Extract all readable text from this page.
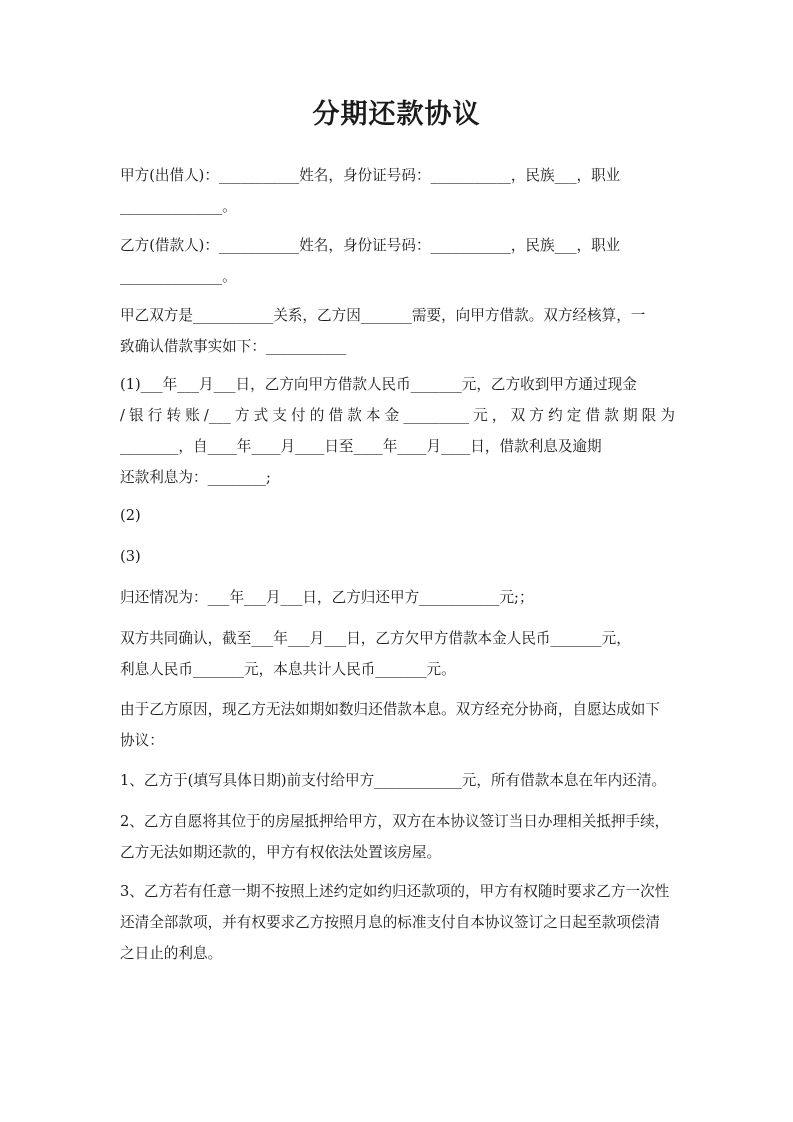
分期还款协议
甲方(出借人)：___________姓名，身份证号码：___________，民族___，职业
______________。
乙方(借款人)：___________姓名，身份证号码：___________，民族___，职业
______________。
甲乙双方是___________关系，乙方因_______需要，向甲方借款。双方经核算，一
致确认借款事实如下：___________
(1)___年___月___日，乙方向甲方借款人民币_______元，乙方收到甲方通过现金
/银行转账/___方式支付的借款本金_________元，双方约定借款期限为
________，自____年____月____日至____年____月____日，借款利息及逾期
还款利息为：________;
(2)
(3)
归还情况为：___年___月___日，乙方归还甲方___________元;；
双方共同确认，截至___年___月___日，乙方欠甲方借款本金人民币_______元，
利息人民币_______元，本息共计人民币_______元。
由于乙方原因，现乙方无法如期如数归还借款本息。双方经充分协商，自愿达成如下
协议：
1、乙方于(填写具体日期)前支付给甲方____________元，所有借款本息在年内还清。
2、乙方自愿将其位于的房屋抵押给甲方，双方在本协议签订当日办理相关抵押手续，
乙方无法如期还款的，甲方有权依法处置该房屋。
3、乙方若有任意一期不按照上述约定如约归还款项的，甲方有权随时要求乙方一次性
还清全部款项，并有权要求乙方按照月息的标准支付自本协议签订之日起至款项偿清
之日止的利息。
